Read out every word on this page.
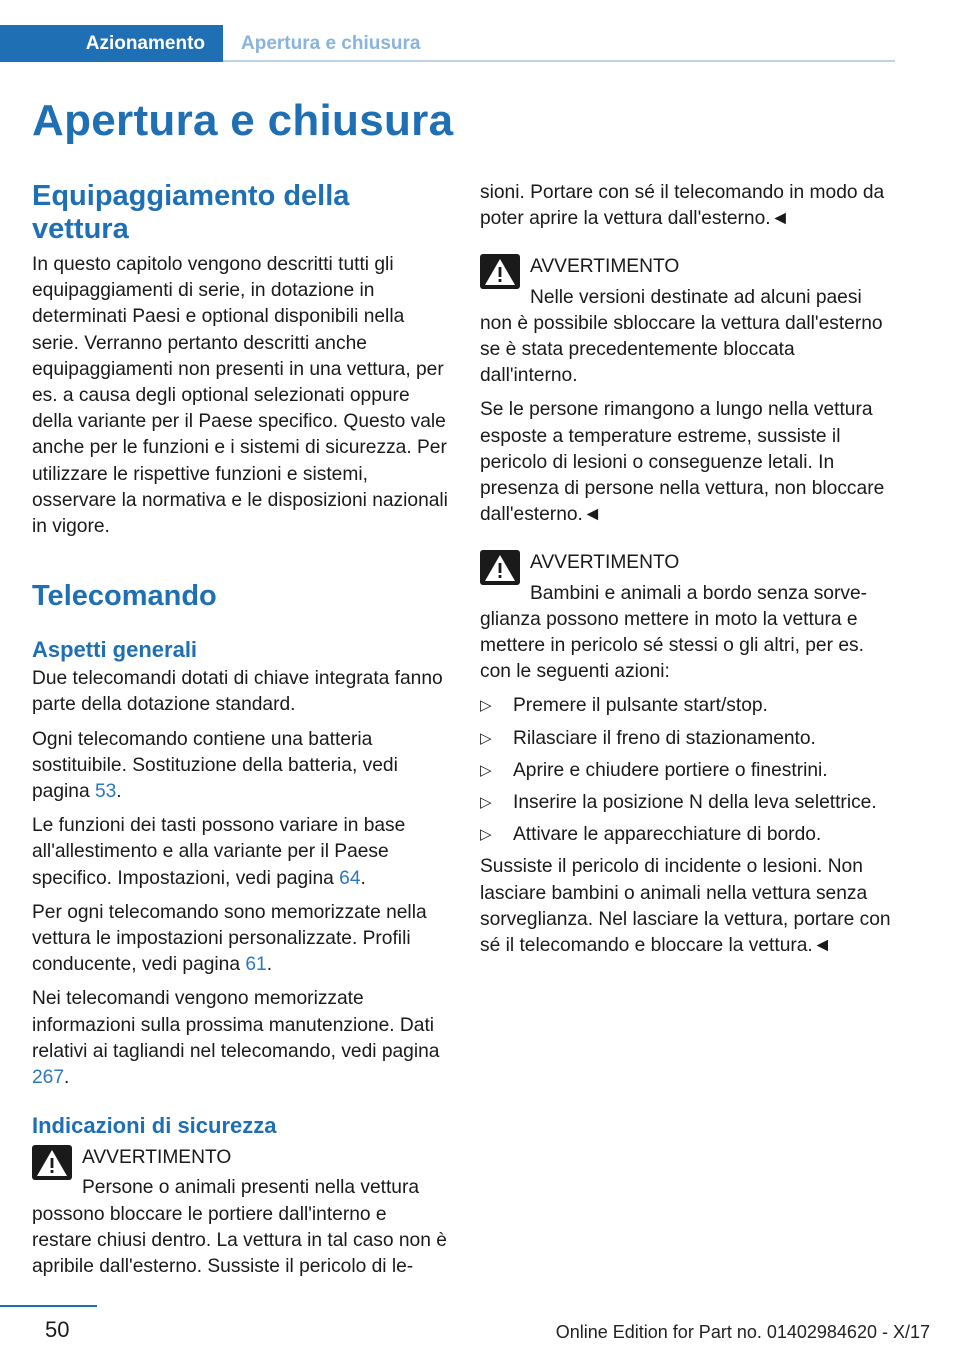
Azionamento	Apertura e chiusura
Apertura e chiusura
Equipaggiamento della vettura

In questo capitolo vengono descritti tutti gli equipaggiamenti di serie, in dotazione in determinati Paesi e optional disponibili nella serie. Verranno pertanto descritti anche equipaggiamenti non presenti in una vettura, per es. a causa degli optional selezionati oppure della variante per il Paese specifico. Questo vale anche per le funzioni e i sistemi di sicurezza. Per utilizzare le rispettive funzioni e sistemi, osservare la normativa e le disposizioni nazionali in vigore.

Telecomando
Aspetti generali

Due telecomandi dotati di chiave integrata fanno parte della dotazione standard.

Ogni telecomando contiene una batteria sostituibile. Sostituzione della batteria, vedi pagina 53.

Le funzioni dei tasti possono variare in base all'allestimento e alla variante per il Paese specifico. Impostazioni, vedi pagina 64.

Per ogni telecomando sono memorizzate nella vettura le impostazioni personalizzate. Profili conducente, vedi pagina 61.

Nei telecomandi vengono memorizzate informazioni sulla prossima manutenzione. Dati relativi ai tagliandi nel telecomando, vedi pagina 267.

Indicazioni di sicurezza

AVVERTIMENTO

Persone o animali presenti nella vettura
possono bloccare le portiere dall'interno e restare chiusi dentro. La vettura in tal caso non è apribile dall'esterno. Sussiste il pericolo di le-

sioni. Portare con sé il telecomando in modo da poter aprire la vettura dall'esterno.◄

AVVERTIMENTO

Nelle versioni destinate ad alcuni paesi
non è possibile sbloccare la vettura dall'esterno se è stata precedentemente bloccata dall'interno.

Se le persone rimangono a lungo nella vettura esposte a temperature estreme, sussiste il pericolo di lesioni o conseguenze letali. In presenza di persone nella vettura, non bloccare dall'esterno.◄

AVVERTIMENTO

Bambini e animali a bordo senza sorve-
glianza possono mettere in moto la vettura e mettere in pericolo sé stessi o gli altri, per es. con le seguenti azioni:

▷ Premere il pulsante start/stop.
▷ Rilasciare il freno di stazionamento.
▷ Aprire e chiudere portiere o finestrini.
▷ Inserire la posizione N della leva selettrice.
▷ Attivare le apparecchiature di bordo.

Sussiste il pericolo di incidente o lesioni. Non lasciare bambini o animali nella vettura senza sorveglianza. Nel lasciare la vettura, portare con sé il telecomando e bloccare la vettura.◄

50	Online Edition for Part no. 01402984620 - X/17
